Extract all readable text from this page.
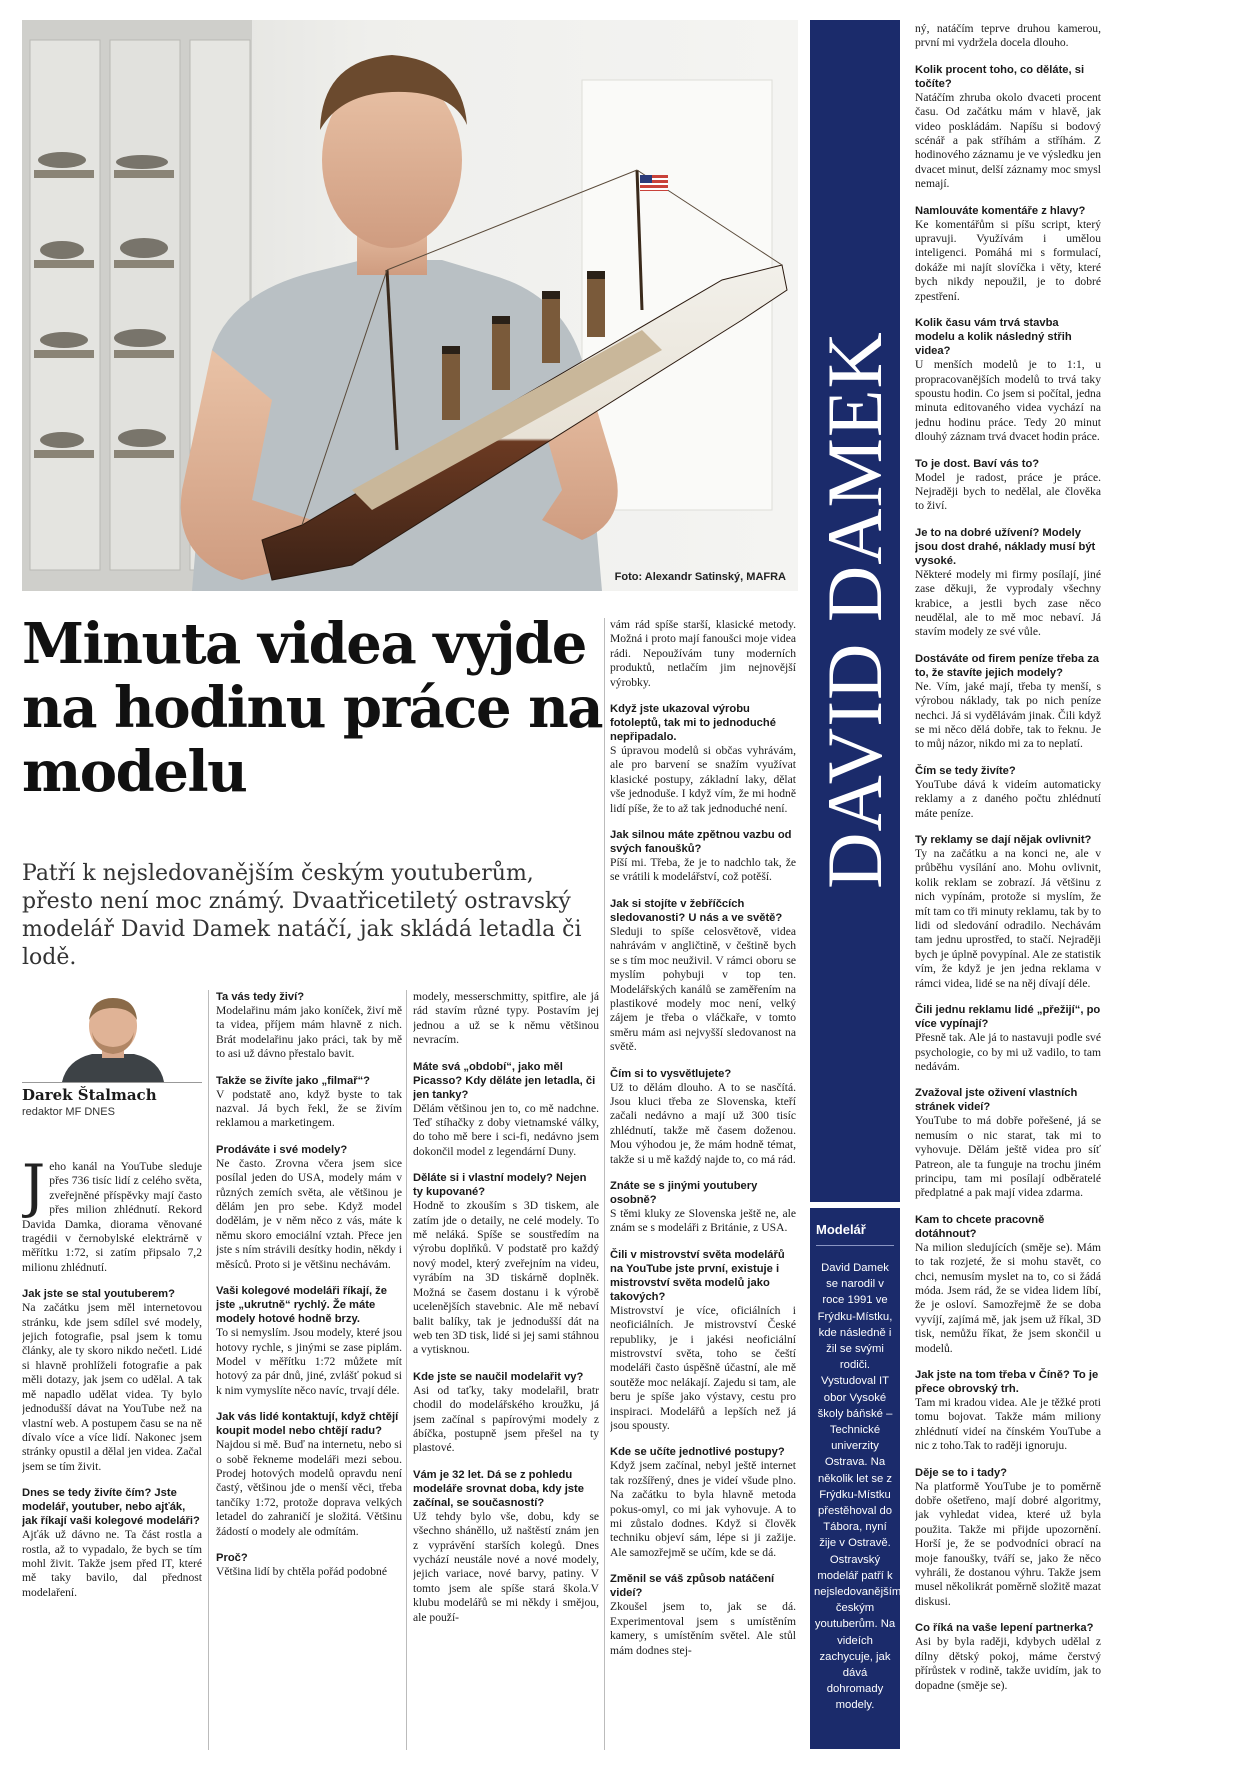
Foto: Alexandr Satinský, MAFRA DAVID DAMEK
Minuta videa vyjde na hodinu práce na modelu
Patří k nejsledovanějším českým youtuberům, přesto není moc známý. Dvaatřicetiletý ostravský modelář David Damek natáčí, jak skládá letadla či lodě.
Darek Štalmach
redaktor MF DNES

Jeho kanál na YouTube sleduje přes 736 tisíc lidí z celého světa, zveřejněné příspěvky mají často přes milion zhlédnutí. Rekord Davida Damka, diorama věnované tragédii v černobylské elektrárně v měřítku 1:72, si zatím připsalo 7,2 milionu zhlédnutí.

Jak jste se stal youtuberem?
Na začátku jsem měl internetovou stránku, kde jsem sdílel své modely, jejich fotografie, psal jsem k tomu články, ale ty skoro nikdo nečetl. Lidé si hlavně prohlíželi fotografie a pak měli dotazy, jak jsem co udělal. A tak mě napadlo udělat videa. Ty bylo jednodušší dávat na YouTube než na vlastní web. A postupem času se na ně dívalo více a více lidí. Nakonec jsem stránky opustil a dělal jen videa. Začal jsem se tím živit.

Dnes se tedy živíte čím? Jste modelář, youtuber, nebo ajťák, jak říkají vaši kolegové modeláři?
Ajťák už dávno ne. Ta část rostla a rostla, až to vypadalo, že bych se tím mohl živit. Takže jsem před IT, které mě taky bavilo, dal přednost modelaření.

Ta vás tedy živí?
Modelařinu mám jako koníček, živí mě ta videa, příjem mám hlavně z nich. Brát modelařinu jako práci, tak by mě to asi už dávno přestalo bavit.

Takže se živíte jako „filmař“?
V podstatě ano, když byste to tak nazval. Já bych řekl, že se živím reklamou a marketingem.

Prodáváte i své modely?
Ne často. Zrovna včera jsem sice posílal jeden do USA, modely mám v různých zemích světa, ale většinou je dělám jen pro sebe. Když model dodělám, je v něm něco z vás, máte k němu skoro emociální vztah. Přece jen jste s ním strávili desítky hodin, někdy i měsíců. Proto si je většinu nechávám.

Vaši kolegové modeláři říkají, že jste „ukrutně“ rychlý. Že máte modely hotové hodně brzy.
To si nemyslím. Jsou modely, které jsou hotovy rychle, s jinými se zase piplám. Model v měřítku 1:72 můžete mít hotový za pár dnů, jiné, zvlášť pokud si k nim vymyslíte něco navíc, trvají déle.

Jak vás lidé kontaktují, když chtějí koupit model nebo chtějí radu?
Najdou si mě. Buď na internetu, nebo si o sobě řekneme modeláři mezi sebou. Prodej hotových modelů opravdu není častý, většinou jde o menší věci, třeba tančíky 1:72, protože doprava velkých letadel do zahraničí je složitá. Většinu žádostí o modely ale odmítám.

Proč?
Většina lidí by chtěla pořád podobné

modely, messerschmitty, spitfire, ale já rád stavím různé typy. Postavím jej jednou a už se k němu většinou nevracím.

Máte svá „období“, jako měl Picasso? Kdy děláte jen letadla, či jen tanky?
Dělám většinou jen to, co mě nadchne. Teď stíhačky z doby vietnamské války, do toho mě bere i sci-fi, nedávno jsem dokončil model z legendární Duny.

Děláte si i vlastní modely? Nejen ty kupované?
Hodně to zkouším s 3D tiskem, ale zatím jde o detaily, ne celé modely. To mě neláká. Spíše se soustředím na výrobu doplňků. V podstatě pro každý nový model, který zveřejním na videu, vyrábím na 3D tiskárně doplněk. Možná se časem dostanu i k výrobě ucelenějších stavebnic. Ale mě nebaví balit balíky, tak je jednodušší dát na web ten 3D tisk, lidé si jej sami stáhnou a vytisknou.

Kde jste se naučil modelařit vy?
Asi od taťky, taky modelařil, bratr chodil do modelářského kroužku, já jsem začínal s papírovými modely z ábíčka, postupně jsem přešel na ty plastové.

Vám je 32 let. Dá se z pohledu modeláře srovnat doba, kdy jste začínal, se současností?
Už tehdy bylo vše, dobu, kdy se všechno sháněllo, už naštěstí znám jen z vyprávění starších kolegů. Dnes vychází neustále nové a nové modely, jejich variace, nové barvy, patiny. V tomto jsem ale spíše stará škola.V klubu modelářů se mi někdy i smějou, ale použí-

vám rád spíše starší, klasické metody. Možná i proto mají fanoušci moje videa rádi. Nepoužívám tuny moderních produktů, netlačím jim nejnovější výrobky.

Když jste ukazoval výrobu fotoleptů, tak mi to jednoduché nepřipadalo.
S úpravou modelů si občas vyhrávám, ale pro barvení se snažím využívat klasické postupy, základní laky, dělat vše jednoduše. I když vím, že mi hodně lidí píše, že to až tak jednoduché není.

Jak silnou máte zpětnou vazbu od svých fanoušků?
Píší mi. Třeba, že je to nadchlo tak, že se vrátili k modelářství, což potěší.

Jak si stojíte v žebříčcích sledovanosti? U nás a ve světě?
Sleduji to spíše celosvětově, videa nahrávám v angličtině, v češtině bych se s tím moc neuživil. V rámci oboru se myslím pohybuji v top ten. Modelářských kanálů se zaměřením na plastikové modely moc není, velký zájem je třeba o vláčkaře, v tomto směru mám asi nejvyšší sledovanost na světě.

Čím si to vysvětlujete?
Už to dělám dlouho. A to se nasčítá. Jsou kluci třeba ze Slovenska, kteří začali nedávno a mají už 300 tisíc zhlédnutí, takže mě časem doženou. Mou výhodou je, že mám hodně témat, takže si u mě každý najde to, co má rád.

Znáte se s jinými youtubery osobně?
S těmi kluky ze Slovenska ještě ne, ale znám se s modeláři z Británie, z USA.

Čili v mistrovství světa modelářů na YouTube jste první, existuje i mistrovství světa modelů jako takových?
Mistrovství je více, oficiálních i neoficiálních. Je mistrovství České republiky, je i jakési neoficiální mistrovství světa, toho se čeští modeláři často úspěšně účastní, ale mě soutěže moc nelákají. Zajedu si tam, ale beru je spíše jako výstavy, cestu pro inspiraci. Modelářů a lepších než já jsou spousty.

Kde se učíte jednotlivé postupy?
Když jsem začínal, nebyl ještě internet tak rozšířený, dnes je videí všude plno. Na začátku to byla hlavně metoda pokus-omyl, co mi jak vyhovuje. A to mi zůstalo dodnes. Když si člověk techniku objeví sám, lépe si ji zažije. Ale samozřejmě se učím, kde se dá.

Změnil se váš způsob natáčení videí?
Zkoušel jsem to, jak se dá. Experimentoval jsem s umístěním kamery, s umístěním světel. Ale stůl mám dodnes stej-

Modelář
David Damek se narodil v roce 1991 ve Frýdku-Místku, kde následně i žil se svými rodiči. Vystudoval IT obor Vysoké školy báňské – Technické univerzity Ostrava. Na několik let se z Frýdku-Místku přestěhoval do Tábora, nyní žije v Ostravě. Ostravský modelář patří k nejsledovanějším českým youtuberům. Na videích zachycuje, jak dává dohromady modely.

ný, natáčím teprve druhou kamerou, první mi vydržela docela dlouho.

Kolik procent toho, co děláte, si točíte?
Natáčím zhruba okolo dvaceti procent času. Od začátku mám v hlavě, jak video poskládám. Napíšu si bodový scénář a pak stříhám a stříhám. Z hodinového záznamu je ve výsledku jen dvacet minut, delší záznamy moc smysl nemají.

Namlouváte komentáře z hlavy?
Ke komentářům si píšu script, který upravuji. Využívám i umělou inteligenci. Pomáhá mi s formulací, dokáže mi najít slovíčka i věty, které bych nikdy nepoužil, je to dobré zpestření.

Kolik času vám trvá stavba modelu a kolik následný střih videa?
U menších modelů je to 1:1, u propracovanějších modelů to trvá taky spoustu hodin. Co jsem si počítal, jedna minuta editovaného videa vychází na jednu hodinu práce. Tedy 20 minut dlouhý záznam trvá dvacet hodin práce.

To je dost. Baví vás to?
Model je radost, práce je práce. Nejraději bych to nedělal, ale člověka to živí.

Je to na dobré užívení? Modely jsou dost drahé, náklady musí být vysoké.
Některé modely mi firmy posílají, jiné zase děkuji, že vyprodaly všechny krabice, a jestli bych zase něco neudělal, ale to mě moc nebaví. Já stavím modely ze své vůle.

Dostáváte od firem peníze třeba za to, že stavíte jejich modely?
Ne. Vím, jaké mají, třeba ty menší, s výrobou náklady, tak po nich peníze nechci. Já si vydělávám jinak. Čili když se mi něco dělá dobře, tak to řeknu. Je to můj názor, nikdo mi za to neplatí.

Čím se tedy živíte?
YouTube dává k videím automaticky reklamy a z daného počtu zhlédnutí máte peníze.

Ty reklamy se dají nějak ovlivnit?
Ty na začátku a na konci ne, ale v průběhu vysílání ano. Mohu ovlivnit, kolik reklam se zobrazí. Já většinu z nich vypínám, protože si myslím, že mít tam co tři minuty reklamu, tak by to lidi od sledování odradilo. Nechávám tam jednu uprostřed, to stačí. Nejraději bych je úplně povypínal. Ale ze statistik vím, že když je jen jedna reklama v rámci videa, lidé se na něj dívají déle.

Čili jednu reklamu lidé „přežijí“, po více vypínají?
Přesně tak. Ale já to nastavuji podle své psychologie, co by mi už vadilo, to tam nedávám.

Zvažoval jste oživení vlastních stránek videí?
YouTube to má dobře pořešené, já se nemusím o nic starat, tak mi to vyhovuje. Dělám ještě videa pro síť Patreon, ale ta funguje na trochu jiném principu, tam mi posílají odběratelé předplatné a pak mají videa zdarma.

Kam to chcete pracovně dotáhnout?
Na milion sledujících (směje se). Mám to tak rozjeté, že si mohu stavět, co chci, nemusím myslet na to, co si žádá móda. Jsem rád, že se videa lidem líbí, že je osloví. Samozřejmě že se doba vyvíjí, zajímá mě, jak jsem už říkal, 3D tisk, nemůžu říkat, že jsem skončil u modelů.

Jak jste na tom třeba v Číně? To je přece obrovský trh.
Tam mi kradou videa. Ale je těžké proti tomu bojovat. Takže mám miliony zhlédnutí videí na čínském YouTube a nic z toho.Tak to raději ignoruju.

Děje se to i tady?
Na platformě YouTube je to poměrně dobře ošetřeno, mají dobré algoritmy, jak vyhledat videa, které už byla použita. Takže mi přijde upozornění. Horší je, že se podvodníci obrací na moje fanoušky, tváří se, jako že něco vyhráli, že dostanou výhru. Takže jsem musel několikrát poměrně složitě mazat diskusi.

Co říká na vaše lepení partnerka?
Asi by byla raději, kdybych udělal z dílny dětský pokoj, máme čerstvý přírůstek v rodině, takže uvidím, jak to dopadne (směje se).
